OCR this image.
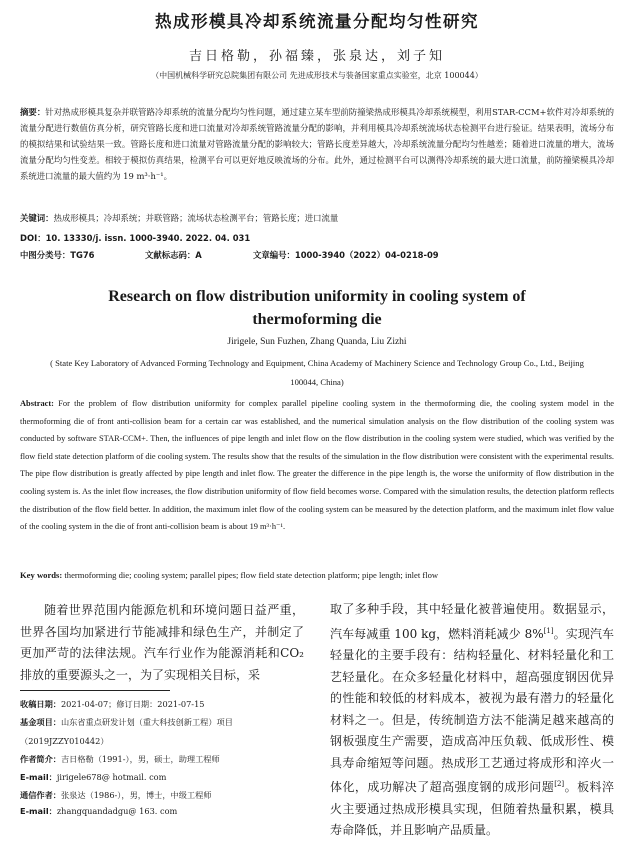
热成形模具冷却系统流量分配均匀性研究
吉日格勒，孙福臻，张泉达，刘子知
（中国机械科学研究总院集团有限公司 先进成形技术与装备国家重点实验室，北京 100044）
摘要：针对热成形模具复杂并联管路冷却系统的流量分配均匀性问题，通过建立某车型前防撞梁热成形模具冷却系统模型，利用STAR-CCM+软件对冷却系统的流量分配进行数值仿真分析，研究管路长度和进口流量对冷却系统管路流量分配的影响，并利用模具冷却系统流场状态检测平台进行验证。结果表明，流场分布的模拟结果和试验结果一致。管路长度和进口流量对管路流量分配的影响较大；管路长度差异越大，冷却系统流量分配均匀性越差；随着进口流量的增大，流场流量分配均匀性变差。相较于模拟仿真结果，检测平台可以更好地反映流场的分布。此外，通过检测平台可以测得冷却系统的最大进口流量，前防撞梁模具冷却系统进口流量的最大值约为 19 m³·h⁻¹。
关键词：热成形模具；冷却系统；并联管路；流场状态检测平台；管路长度；进口流量
DOI：10. 13330/j. issn. 1000-3940. 2022. 04. 031
中图分类号：TG76	文献标志码：A	文章编号：1000-3940（2022）04-0218-09
Research on flow distribution uniformity in cooling system of
thermoforming die
Jirigele, Sun Fuzhen, Zhang Quanda, Liu Zizhi
( State Key Laboratory of Advanced Forming Technology and Equipment, China Academy of Machinery Science and Technology Group Co., Ltd., Beijing 100044, China)
Abstract: For the problem of flow distribution uniformity for complex parallel pipeline cooling system in the thermoforming die, the cooling system model in the thermoforming die of front anti-collision beam for a certain car was established, and the numerical simulation analysis on the flow distribution of the cooling system was conducted by software STAR-CCM+. Then, the influences of pipe length and inlet flow on the flow distribution in the cooling system were studied, which was verified by the flow field state detection platform of die cooling system. The results show that the results of the simulation in the flow distribution were consistent with the experimental results. The pipe flow distribution is greatly affected by pipe length and inlet flow. The greater the difference in the pipe length is, the worse the uniformity of flow distribution in the cooling system is. As the inlet flow increases, the flow distribution uniformity of flow field becomes worse. Compared with the simulation results, the detection platform reflects the distribution of the flow field better. In addition, the maximum inlet flow of the cooling system can be measured by the detection platform, and the maximum inlet flow value of the cooling system in the die of front anti-collision beam is about 19 m³·h⁻¹.
Key words: thermoforming die; cooling system; parallel pipes; flow field state detection platform; pipe length; inlet flow
随着世界范围内能源危机和环境问题日益严重，世界各国均加紧进行节能减排和绿色生产，并制定了更加严苛的法律法规。汽车行业作为能源消耗和CO₂ 排放的重要源头之一，为了实现相关目标，采
取了多种手段，其中轻量化被普遍使用。数据显示，汽车每减重 100 kg，燃料消耗减少 8%[1]。实现汽车轻量化的主要手段有：结构轻量化、材料轻量化和工艺轻量化。在众多轻量化材料中，超高强度钢因优异的性能和较低的材料成本，被视为最有潜力的轻量化材料之一。但是，传统制造方法不能满足越来越高的钢板强度生产需要，造成高冲压负载、低成形性、模具寿命缩短等问题。热成形工艺通过将成形和淬火一体化，成功解决了超高强度钢的成形问题[2]。板料淬火主要通过热成形模具实现，但随着热量积累，模具寿命降低，并且影响产品质量。
收稿日期：2021-04-07；修订日期：2021-07-15
基金项目：山东省重点研发计划（重大科技创新工程）项目（2019JZZY010442）
作者简介：吉日格勒（1991-），男，硕士，助理工程师
E-mail：jirigele678@ hotmail. com
通信作者：张泉达（1986-），男，博士，中级工程师
E-mail：zhangquandadgu@ 163. com
